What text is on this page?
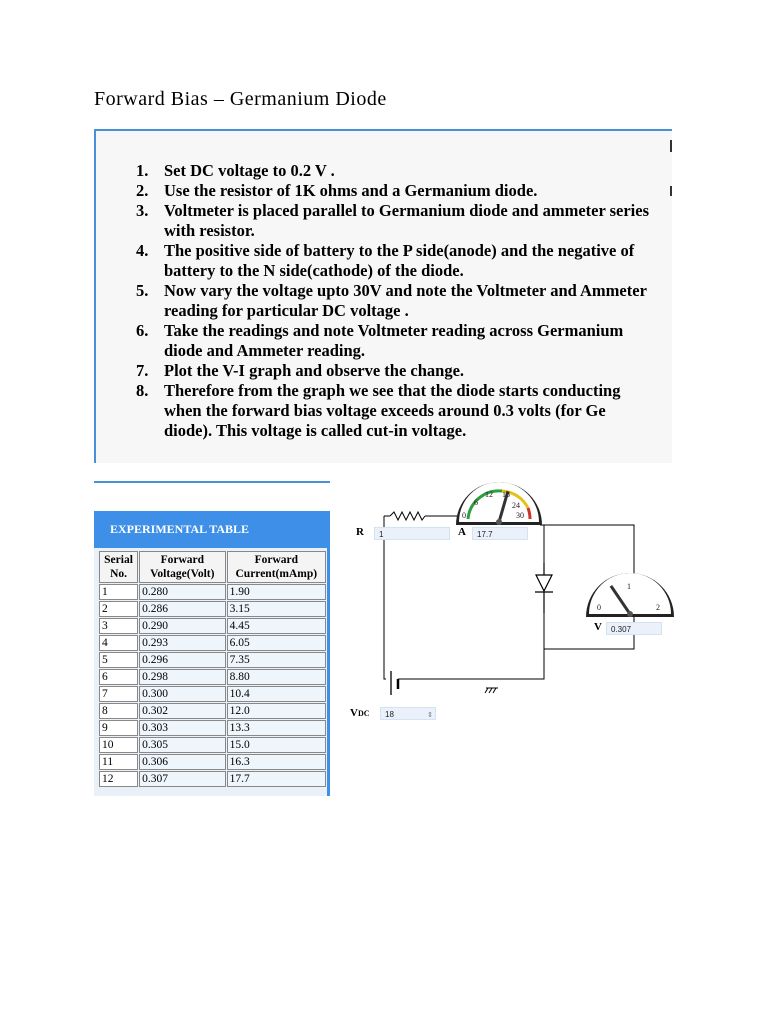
Forward Bias – Germanium Diode
1. Set DC voltage to 0.2 V .
2. Use the resistor of 1K ohms and a Germanium diode.
3. Voltmeter is placed parallel to Germanium diode and ammeter series with resistor.
4. The positive side of battery to the P side(anode) and the negative of battery to the N side(cathode) of the diode.
5. Now vary the voltage upto 30V and note the Voltmeter and Ammeter reading for particular DC voltage .
6. Take the readings and note Voltmeter reading across Germanium diode and Ammeter reading.
7. Plot the V-I graph and observe the change.
8. Therefore from the graph we see that the diode starts conducting when the forward bias voltage exceeds around 0.3 volts (for Ge diode). This voltage is called cut-in voltage.
EXPERIMENTAL TABLE
Serial No.	Forward Voltage(Volt)	Forward Current(mAmp)
1	0.280	1.90
2	0.286	3.15
3	0.290	4.45
4	0.293	6.05
5	0.296	7.35
6	0.298	8.80
7	0.300	10.4
8	0.302	12.0
9	0.303	13.3
10	0.305	15.0
11	0.306	16.3
12	0.307	17.7
0
6
12 18
24
30
0
1
2
R	1	A	17.7
V	0.307
VDC	18	⇕
